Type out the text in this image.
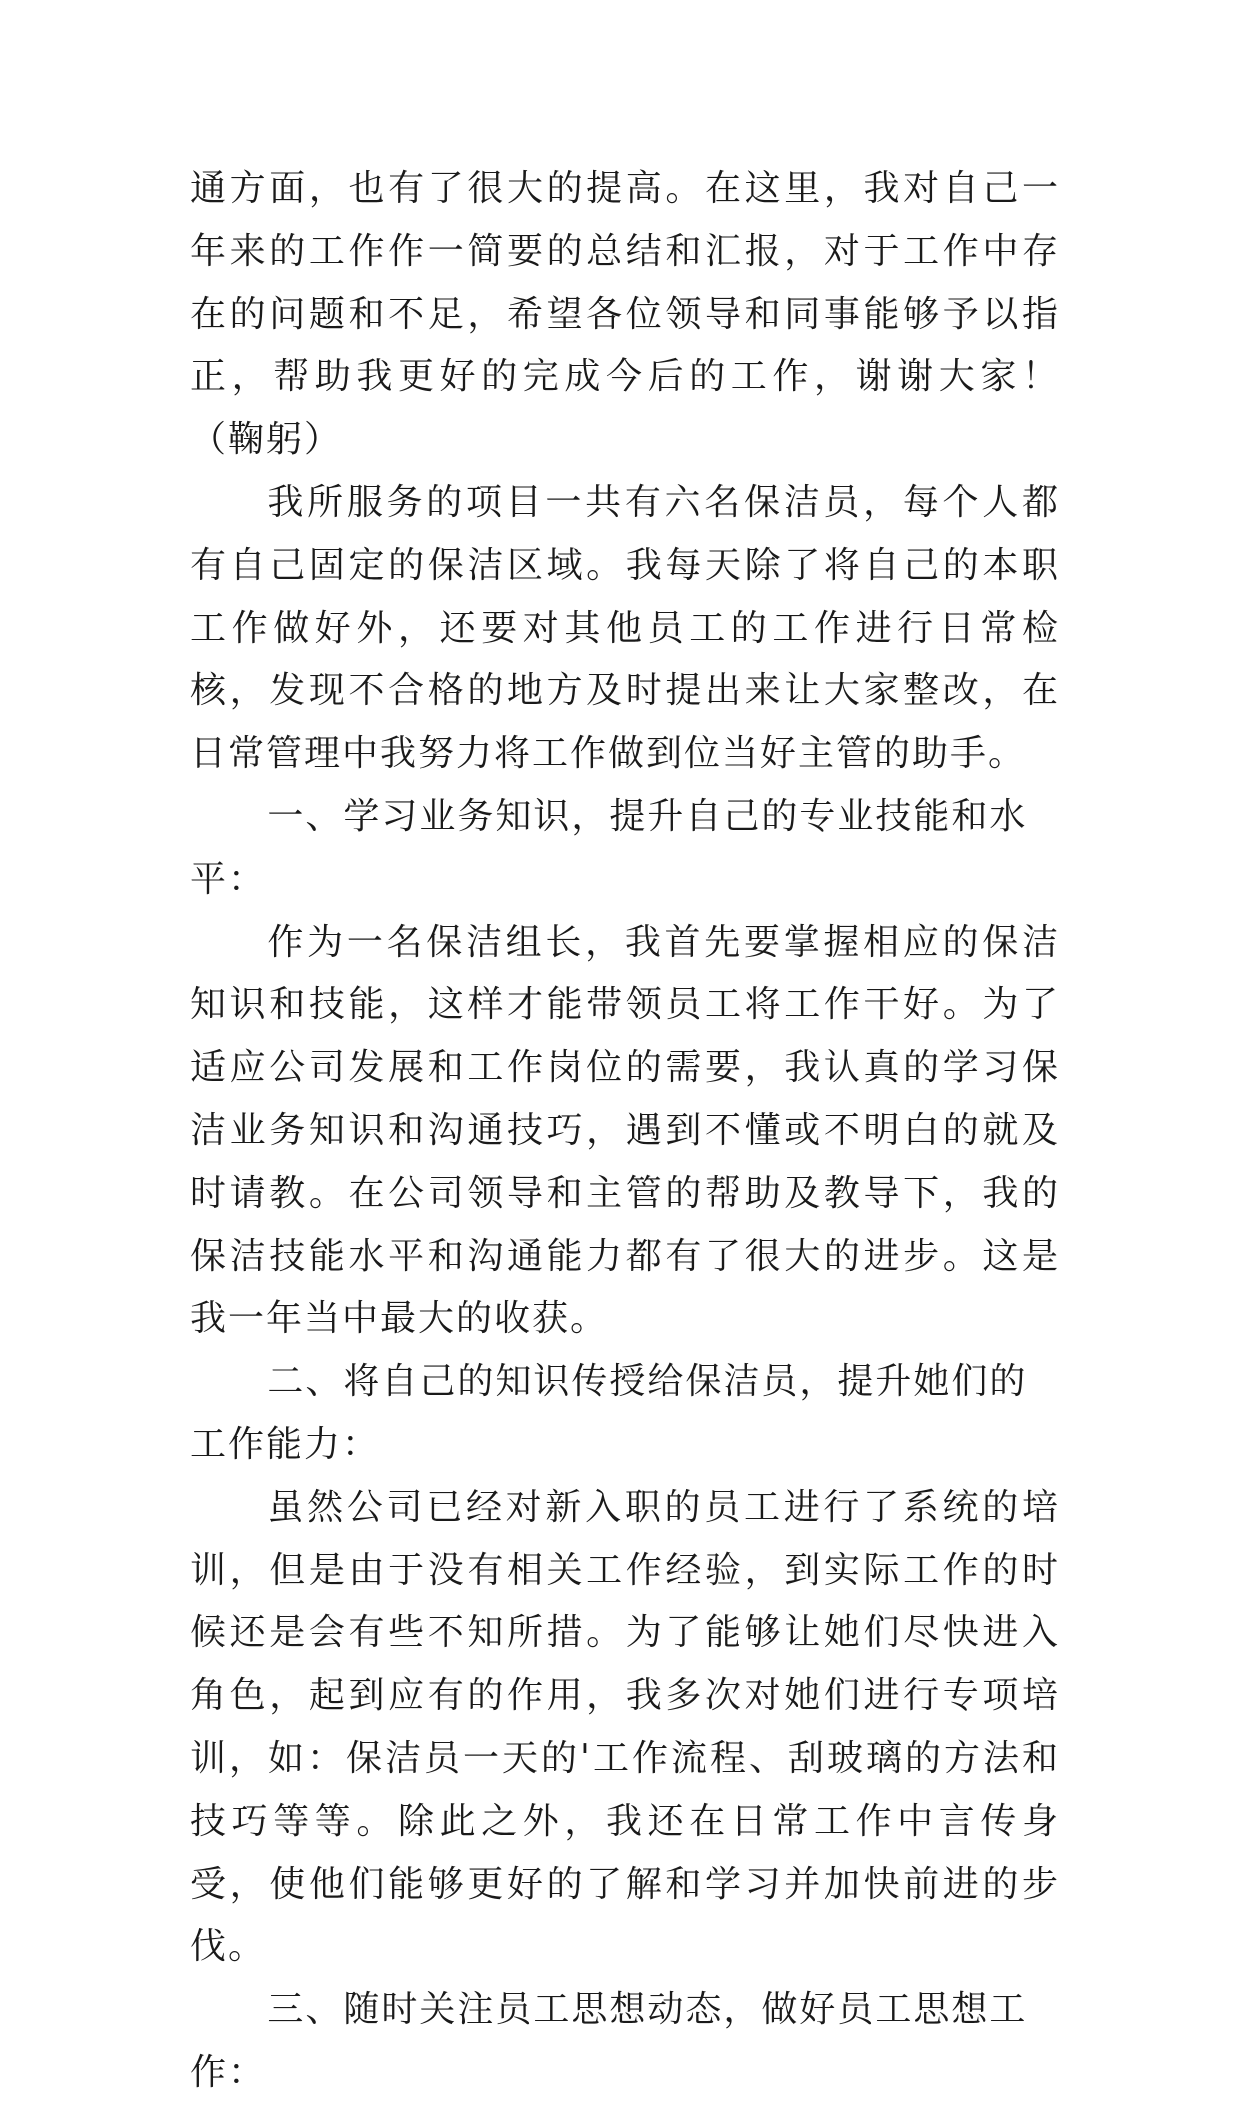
通方面，也有了很大的提高。在这里，我对自己一年来的工作作一简要的总结和汇报，对于工作中存在的问题和不足，希望各位领导和同事能够予以指正，帮助我更好的完成今后的工作，谢谢大家！（鞠躬）

我所服务的项目一共有六名保洁员，每个人都有自己固定的保洁区域。我每天除了将自己的本职工作做好外，还要对其他员工的工作进行日常检核，发现不合格的地方及时提出来让大家整改，在日常管理中我努力将工作做到位当好主管的助手。

一、学习业务知识，提升自己的专业技能和水平：

作为一名保洁组长，我首先要掌握相应的保洁知识和技能，这样才能带领员工将工作干好。为了适应公司发展和工作岗位的需要，我认真的学习保洁业务知识和沟通技巧，遇到不懂或不明白的就及时请教。在公司领导和主管的帮助及教导下，我的保洁技能水平和沟通能力都有了很大的进步。这是我一年当中最大的收获。

二、将自己的知识传授给保洁员，提升她们的工作能力：

虽然公司已经对新入职的员工进行了系统的培训，但是由于没有相关工作经验，到实际工作的时候还是会有些不知所措。为了能够让她们尽快进入角色，起到应有的作用，我多次对她们进行专项培训，如：保洁员一天的'工作流程、刮玻璃的方法和技巧等等。除此之外，我还在日常工作中言传身受，使他们能够更好的了解和学习并加快前进的步伐。

三、随时关注员工思想动态，做好员工思想工作：
